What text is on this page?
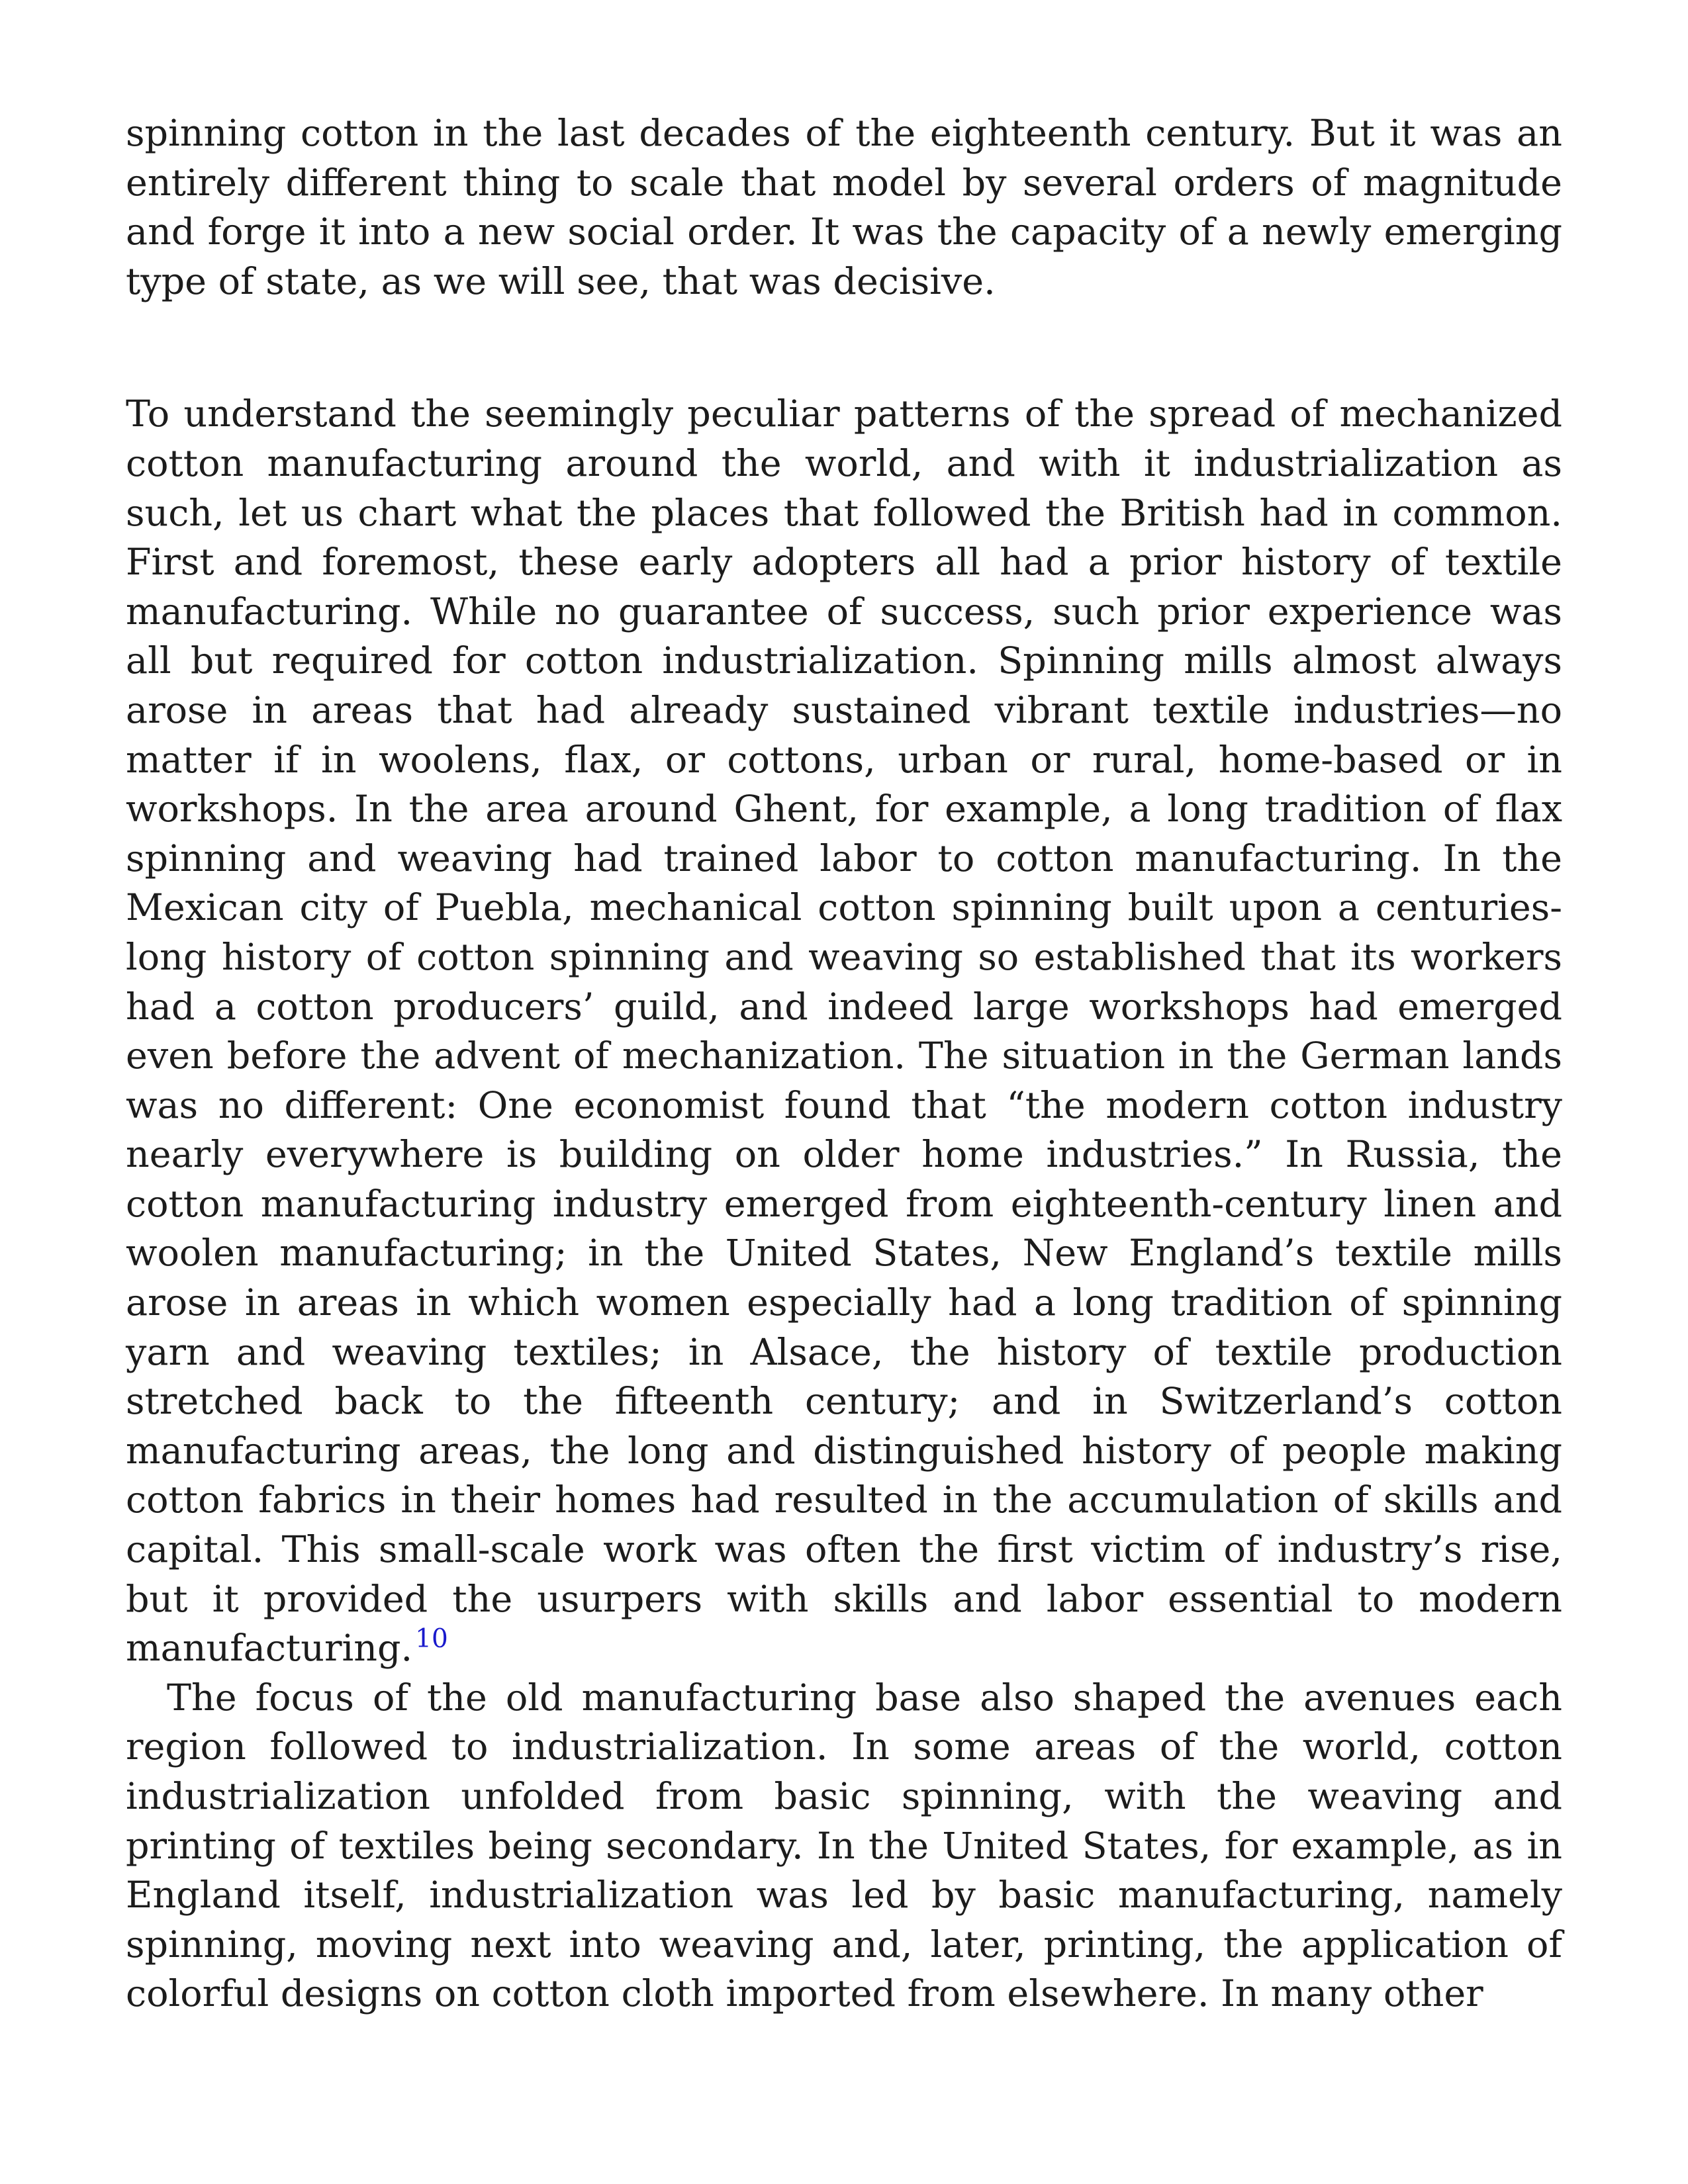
spinning cotton in the last decades of the eighteenth century. But it was an entirely different thing to scale that model by several orders of magnitude and forge it into a new social order. It was the capacity of a newly emerging type of state, as we will see, that was decisive.

To understand the seemingly peculiar patterns of the spread of mechanized cotton manufacturing around the world, and with it industrialization as such, let us chart what the places that followed the British had in common. First and foremost, these early adopters all had a prior history of textile manufacturing. While no guarantee of success, such prior experience was all but required for cotton industrialization. Spinning mills almost always arose in areas that had already sustained vibrant textile industries—no matter if in woolens, flax, or cottons, urban or rural, home-based or in workshops. In the area around Ghent, for example, a long tradition of flax spinning and weaving had trained labor to cotton manufacturing. In the Mexican city of Puebla, mechanical cotton spinning built upon a centuries-long history of cotton spinning and weaving so established that its workers had a cotton producers’ guild, and indeed large workshops had emerged even before the advent of mechanization. The situation in the German lands was no different: One economist found that “the modern cotton industry nearly everywhere is building on older home industries.” In Russia, the cotton manufacturing industry emerged from eighteenth-century linen and woolen manufacturing; in the United States, New England’s textile mills arose in areas in which women especially had a long tradition of spinning yarn and weaving textiles; in Alsace, the history of textile production stretched back to the fifteenth century; and in Switzerland’s cotton manufacturing areas, the long and distinguished history of people making cotton fabrics in their homes had resulted in the accumulation of skills and capital. This small-scale work was often the first victim of industry’s rise, but it provided the usurpers with skills and labor essential to modern manufacturing. $^{10}$

The focus of the old manufacturing base also shaped the avenues each region followed to industrialization. In some areas of the world, cotton industrialization unfolded from basic spinning, with the weaving and printing of textiles being secondary. In the United States, for example, as in England itself, industrialization was led by basic manufacturing, namely spinning, moving next into weaving and, later, printing, the application of colorful designs on cotton cloth imported from elsewhere. In many other
